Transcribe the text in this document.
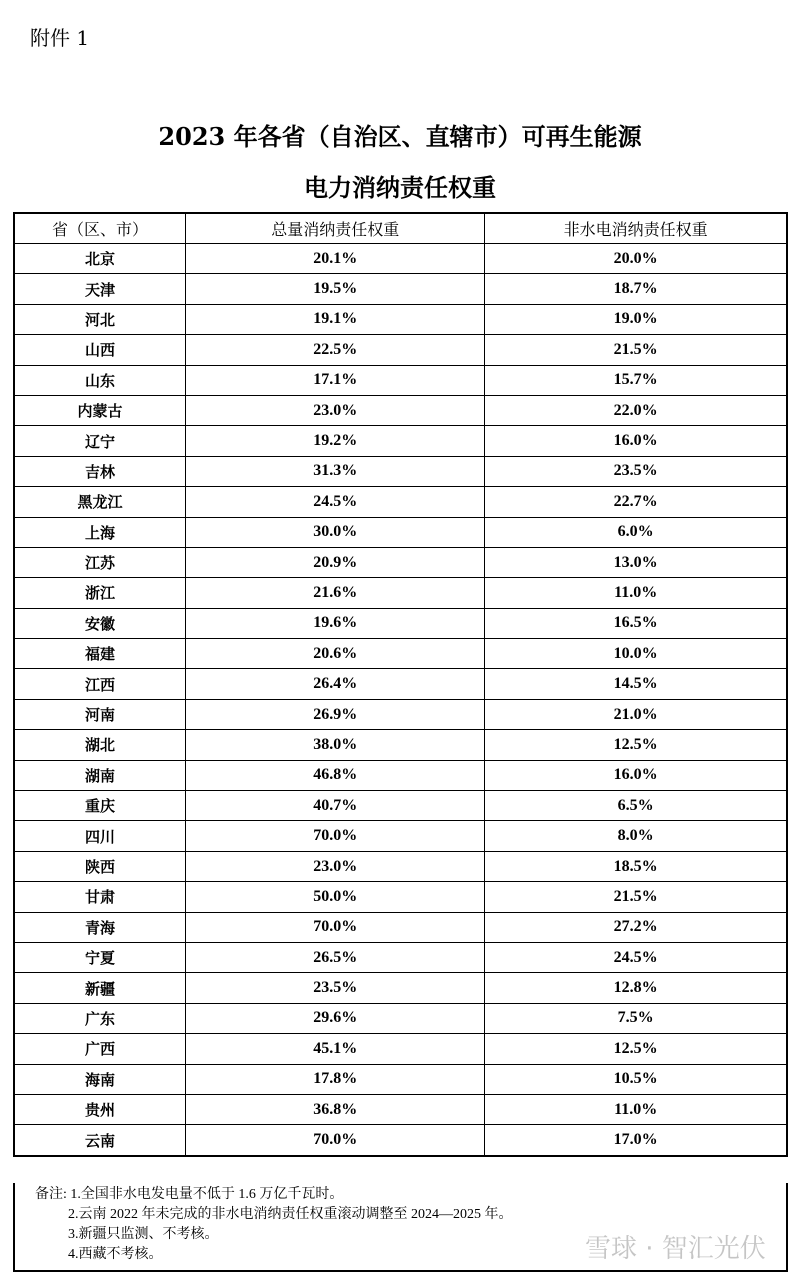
附件 1
2023 年各省（自治区、直辖市）可再生能源
电力消纳责任权重
省（区、市）	总量消纳责任权重	非水电消纳责任权重
北京	20.1%	20.0%
天津	19.5%	18.7%
河北	19.1%	19.0%
山西	22.5%	21.5%
山东	17.1%	15.7%
内蒙古	23.0%	22.0%
辽宁	19.2%	16.0%
吉林	31.3%	23.5%
黑龙江	24.5%	22.7%
上海	30.0%	6.0%
江苏	20.9%	13.0%
浙江	21.6%	11.0%
安徽	19.6%	16.5%
福建	20.6%	10.0%
江西	26.4%	14.5%
河南	26.9%	21.0%
湖北	38.0%	12.5%
湖南	46.8%	16.0%
重庆	40.7%	6.5%
四川	70.0%	8.0%
陕西	23.0%	18.5%
甘肃	50.0%	21.5%
青海	70.0%	27.2%
宁夏	26.5%	24.5%
新疆	23.5%	12.8%
广东	29.6%	7.5%
广西	45.1%	12.5%
海南	17.8%	10.5%
贵州	36.8%	11.0%
云南	70.0%	17.0%
备注: 1.全国非水电发电量不低于 1.6 万亿千瓦时。
2.云南 2022 年未完成的非水电消纳责任权重滚动调整至 2024—2025 年。
3.新疆只监测、不考核。
4.西藏不考核。	雪球 · 智汇光伏
